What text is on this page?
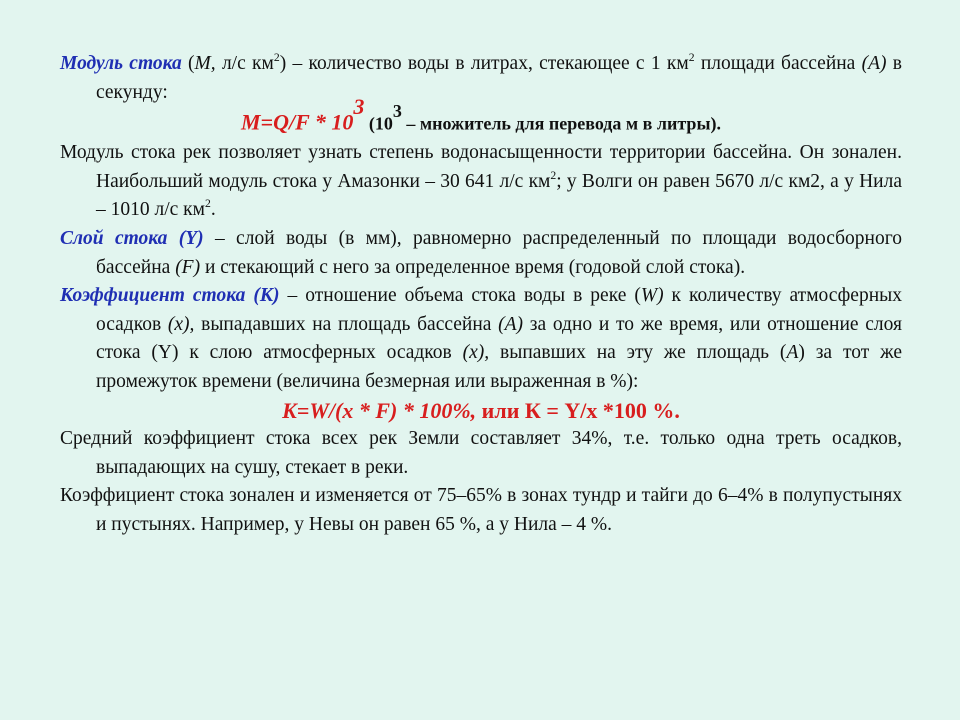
Модуль стока (М, л/с $км^2$) – количество воды в литрах, стекающее с 1 $км^2$ площади бассейна (A) в секунду:

$M=Q/F * 10^3$ ($10^3$ – множитель для перевода м в литры).

Модуль стока рек позволяет узнать степень водонасыщенности территории бассейна. Он зонален. Наибольший модуль стока у Амазонки – 30 641 л/с $км^2$; у Волги он равен 5670 л/с км2, а у Нила – 1010 л/с $км^2$.

Слой стока (Y) – слой воды (в мм), равномерно распределенный по площади водосборного бассейна (F) и стекающий с него за определенное время (годовой слой стока).

Коэффициент стока (К) – отношение объема стока воды в реке (W) к количеству атмосферных осадков (x), выпадавших на площадь бассейна (A) за одно и то же время, или отношение слоя стока (Y) к слою атмосферных осадков (x), выпавших на эту же площадь (А) за тот же промежуток времени (величина безмерная или выраженная в %):

K=W/(x * F) * 100%, или К = Y/x *100 %.

Средний коэффициент стока всех рек Земли составляет 34%, т.е. только одна треть осадков, выпадающих на сушу, стекает в реки.

Коэффициент стока зонален и изменяется от 75–65% в зонах тундр и тайги до 6–4% в полупустынях и пустынях. Например, у Невы он равен 65 %, а у Нила – 4 %.
